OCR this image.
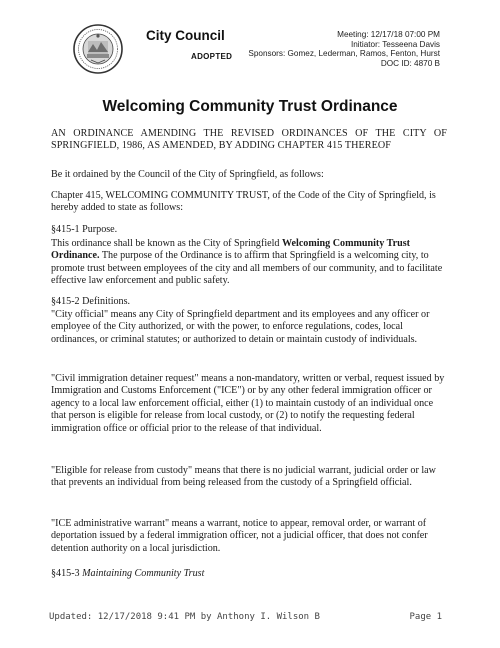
City Council
ADOPTED
Meeting: 12/17/18 07:00 PM
Initiator: Tesseena Davis
Sponsors: Gomez, Lederman, Ramos, Fenton, Hurst
DOC ID: 4870 B
Welcoming Community Trust Ordinance
AN ORDINANCE AMENDING THE REVISED ORDINANCES OF THE CITY OF SPRINGFIELD, 1986, AS AMENDED, BY ADDING CHAPTER 415 THEREOF
Be it ordained by the Council of the City of Springfield, as follows:
Chapter 415, WELCOMING COMMUNITY TRUST, of the Code of the City of Springfield, is hereby added to state as follows:
§415-1 Purpose.
This ordinance shall be known as the City of Springfield Welcoming Community Trust Ordinance. The purpose of the Ordinance is to affirm that Springfield is a welcoming city, to promote trust between employees of the city and all members of our community, and to facilitate effective law enforcement and public safety.
§415-2 Definitions.
"City official" means any City of Springfield department and its employees and any officer or employee of the City authorized, or with the power, to enforce regulations, codes, local ordinances, or criminal statutes; or authorized to detain or maintain custody of individuals.
"Civil immigration detainer request" means a non-mandatory, written or verbal, request issued by Immigration and Customs Enforcement ("ICE") or by any other federal immigration officer or agency to a local law enforcement official, either (1) to maintain custody of an individual once that person is eligible for release from local custody, or (2) to notify the requesting federal immigration office or official prior to the release of that individual.
"Eligible for release from custody" means that there is no judicial warrant, judicial order or law that prevents an individual from being released from the custody of a Springfield official.
"ICE administrative warrant" means a warrant, notice to appear, removal order, or warrant of deportation issued by a federal immigration officer, not a judicial officer, that does not confer detention authority on a local jurisdiction.
§415-3 Maintaining Community Trust
Updated: 12/17/2018 9:41 PM by Anthony I. Wilson B	Page 1
